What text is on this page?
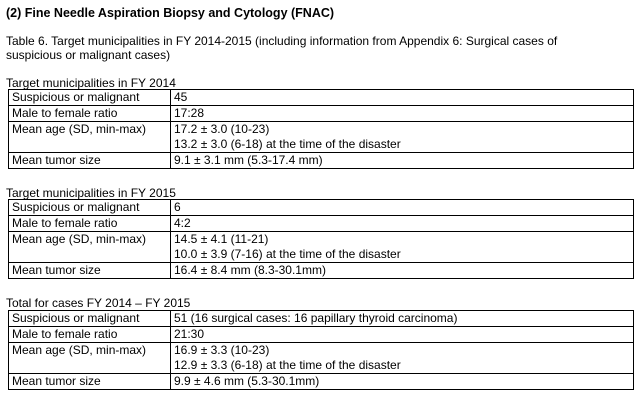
(2) Fine Needle Aspiration Biopsy and Cytology (FNAC)
Table 6. Target municipalities in FY 2014-2015 (including information from Appendix 6: Surgical cases of suspicious or malignant cases)
Target municipalities in FY 2014
Suspicious or malignant	45
Male to female ratio	17:28
Mean age (SD, min-max)	17.2 ± 3.0 (10-23)
13.2 ± 3.0 (6-18) at the time of the disaster

Mean tumor size	9.1 ± 3.1 mm (5.3-17.4 mm)
Target municipalities in FY 2015
Suspicious or malignant	6
Male to female ratio	4:2
Mean age (SD, min-max)	14.5 ± 4.1 (11-21)
10.0 ± 3.9 (7-16) at the time of the disaster

Mean tumor size	16.4 ± 8.4 mm (8.3-30.1mm)
Total for cases FY 2014 – FY 2015
Suspicious or malignant	51 (16 surgical cases: 16 papillary thyroid carcinoma)
Male to female ratio	21:30
Mean age (SD, min-max)	16.9 ± 3.3 (10-23)
12.9 ± 3.3 (6-18) at the time of the disaster

Mean tumor size	9.9 ± 4.6 mm (5.3-30.1mm)
